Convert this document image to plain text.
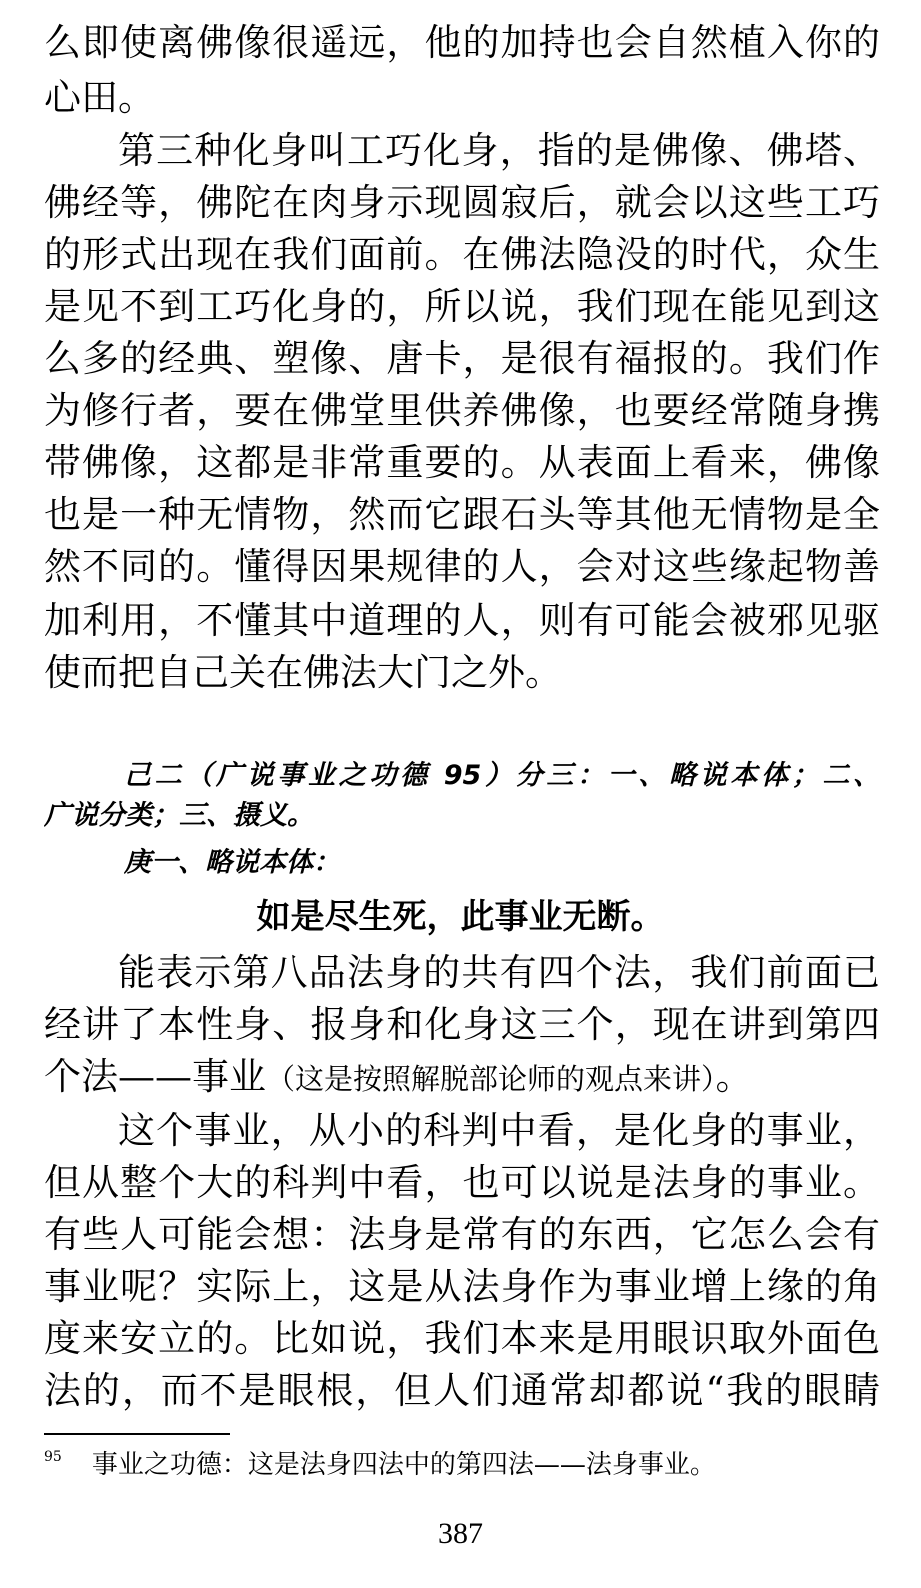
么即使离佛像很遥远，他的加持也会自然植入你的
心田。
第三种化身叫工巧化身，指的是佛像、佛塔、
佛经等，佛陀在肉身示现圆寂后，就会以这些工巧
的形式出现在我们面前。在佛法隐没的时代，众生
是见不到工巧化身的，所以说，我们现在能见到这
么多的经典、塑像、唐卡，是很有福报的。我们作
为修行者，要在佛堂里供养佛像，也要经常随身携
带佛像，这都是非常重要的。从表面上看来，佛像
也是一种无情物，然而它跟石头等其他无情物是全
然不同的。懂得因果规律的人，会对这些缘起物善
加利用，不懂其中道理的人，则有可能会被邪见驱
使而把自己关在佛法大门之外。
己二（广说事业之功德 95）分三：一、略说本体；二、
广说分类；三、摄义。
庚一、略说本体：
如是尽生死，此事业无断。
能表示第八品法身的共有四个法，我们前面已
经讲了本性身、报身和化身这三个，现在讲到第四
个法——事业（这是按照解脱部论师的观点来讲）。
这个事业，从小的科判中看，是化身的事业，
但从整个大的科判中看，也可以说是法身的事业。
有些人可能会想：法身是常有的东西，它怎么会有
事业呢？实际上，这是从法身作为事业增上缘的角
度来安立的。比如说，我们本来是用眼识取外面色
法的，而不是眼根，但人们通常却都说“我的眼睛
$^{95}$ 事业之功德：这是法身四法中的第四法——法身事业。
387
